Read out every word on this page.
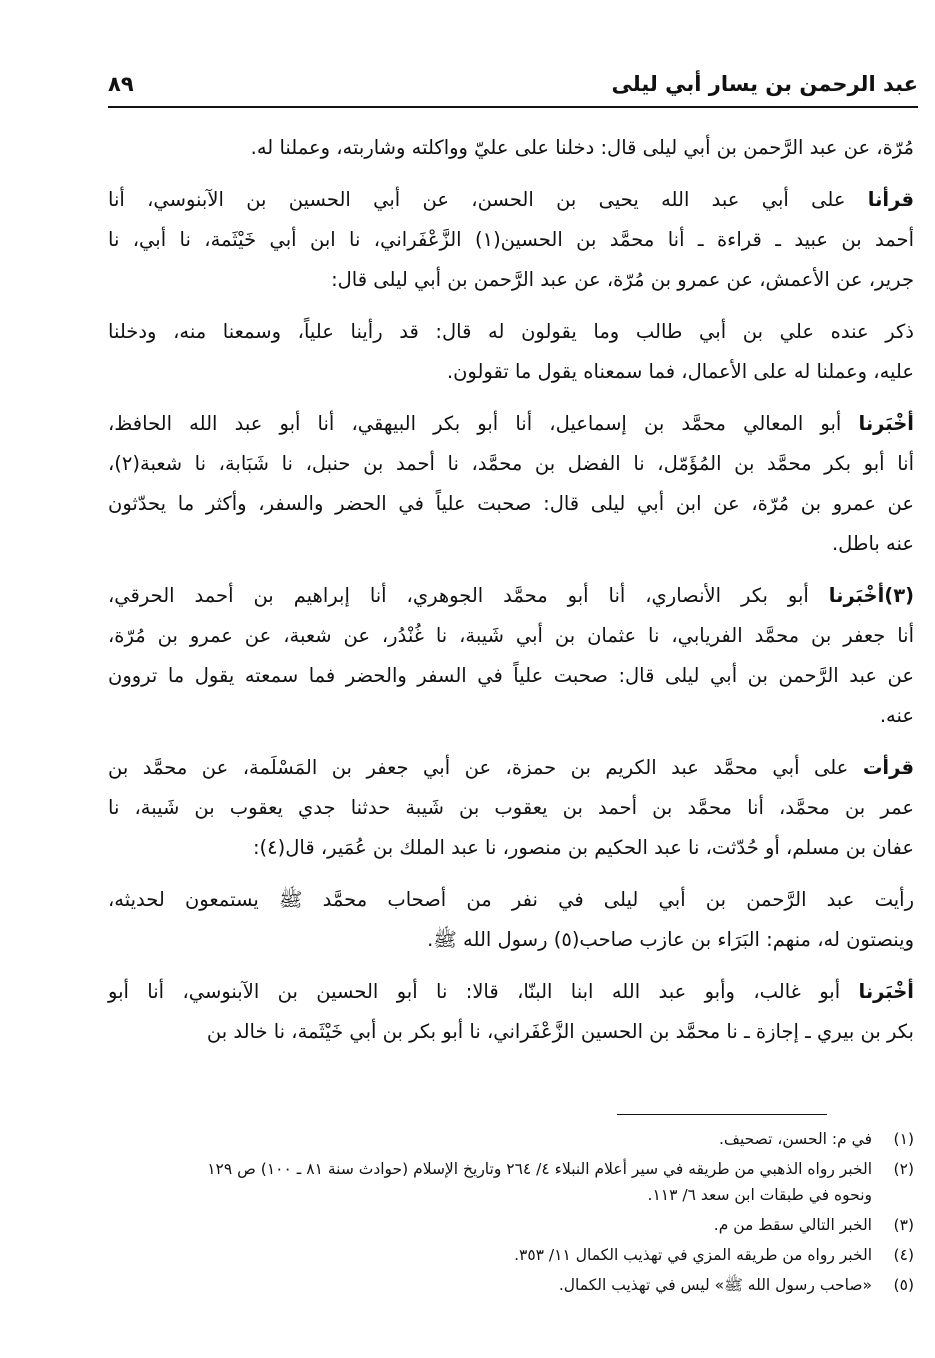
عبد الرحمن بن يسار أبي ليلى
٨٩
مُرّة، عن عبد الرَّحمن بن أبي ليلى قال: دخلنا على عليّ وواكلته وشاربته، وعملنا له.
قرأنا على أبي عبد الله يحيى بن الحسن، عن أبي الحسين بن الآبنوسي، أنا
أحمد بن عبيد ـ قراءة ـ أنا محمَّد بن الحسين(١) الزَّعْفَراني، نا ابن أبي خَيْثَمة، نا أبي، نا
جرير، عن الأعمش، عن عمرو بن مُرّة، عن عبد الرَّحمن بن أبي ليلى قال:
ذكر عنده علي بن أبي طالب وما يقولون له قال: قد رأينا علياً، وسمعنا منه، ودخلنا
عليه، وعملنا له على الأعمال، فما سمعناه يقول ما تقولون.
أخْبَرنا أبو المعالي محمَّد بن إسماعيل، أنا أبو بكر البيهقي، أنا أبو عبد الله الحافظ،
أنا أبو بكر محمَّد بن المُؤَمّل، نا الفضل بن محمَّد، نا أحمد بن حنبل، نا شَبَابة، نا شعبة(٢)،
عن عمرو بن مُرّة، عن ابن أبي ليلى قال: صحبت علياً في الحضر والسفر، وأكثر ما يحدّثون
عنه باطل.
(٣)أخْبَرنا أبو بكر الأنصاري، أنا أبو محمَّد الجوهري، أنا إبراهيم بن أحمد الحرقي،
أنا جعفر بن محمَّد الفريابي، نا عثمان بن أبي شَيبة، نا غُنْدُر، عن شعبة، عن عمرو بن مُرّة،
عن عبد الرَّحمن بن أبي ليلى قال: صحبت علياً في السفر والحضر فما سمعته يقول ما تروون
عنه.
قرأت على أبي محمَّد عبد الكريم بن حمزة، عن أبي جعفر بن المَسْلَمة، عن محمَّد بن
عمر بن محمَّد، أنا محمَّد بن أحمد بن يعقوب بن شَيبة حدثنا جدي يعقوب بن شَيبة، نا
عفان بن مسلم، أو حُدّثت، نا عبد الحكيم بن منصور، نا عبد الملك بن عُمَير، قال(٤):
رأيت عبد الرَّحمن بن أبي ليلى في نفر من أصحاب محمَّد ﷺ يستمعون لحديثه،
وينصتون له، منهم: البَرَاء بن عازب صاحب(٥) رسول الله ﷺ.
أخْبَرنا أبو غالب، وأبو عبد الله ابنا البنّا، قالا: نا أبو الحسين بن الآبنوسي، أنا أبو
بكر بن بيري ـ إجازة ـ نا محمَّد بن الحسين الزَّعْفَراني، نا أبو بكر بن أبي خَيْثَمة، نا خالد بن
(١)
في م: الحسن، تصحيف.
(٢)
الخبر رواه الذهبي من طريقه في سير أعلام النبلاء ٤/ ٢٦٤ وتاريخ الإسلام (حوادث سنة ٨١ ـ ١٠٠) ص ١٢٩
ونحوه في طبقات ابن سعد ٦/ ١١٣.
(٣)
الخبر التالي سقط من م.
(٤)
الخبر رواه من طريقه المزي في تهذيب الكمال ١١/ ٣٥٣.
(٥)
«صاحب رسول الله ﷺ» ليس في تهذيب الكمال.
